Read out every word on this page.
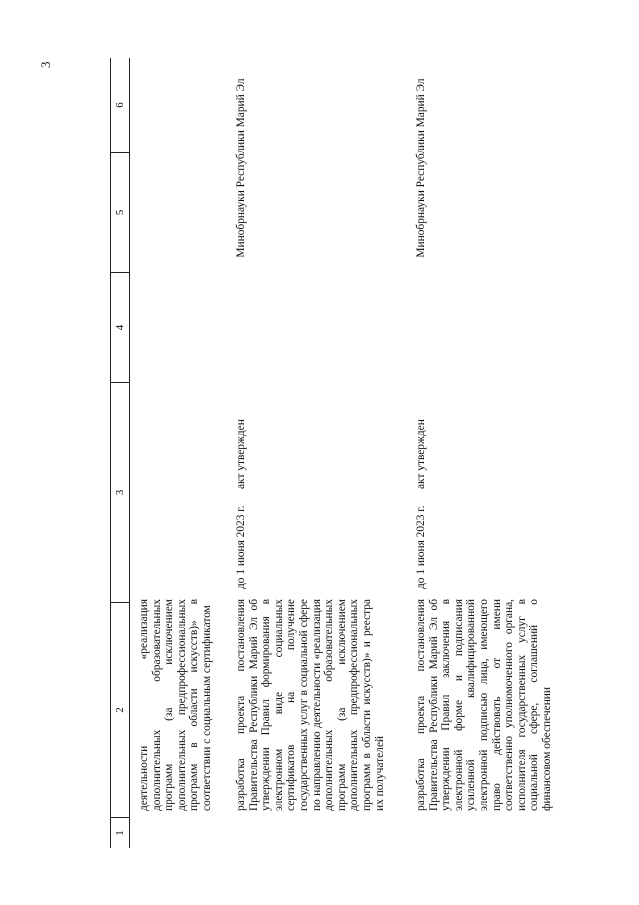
3
1
2
3
4
5
6
деятельности «реализация дополнительных образовательных программ (за исключением дополнительных предпрофессиональных программ в области искусств)» в соответствии с социальным сертификатом разработка проекта постановления Правительства Республики Марий Эл об утверждении Правил формирования в электронном виде социальных сертификатов на получение государственных услуг в социальной сфере по направлению деятельности «реализация дополнительных образовательных программ (за исключением дополнительных предпрофессиональных программ в области искусств)» и реестра их получателей
до 1 июня 2023 г.
акт утвержден
Минобрнауки Республики Марий Эл
разработка проекта постановления Правительства Республики Марий Эл об утверждении Правил заключения в электронной форме и подписания усиленной квалифицированной электронной подписью лица, имеющего право действовать от имени соответственно уполномоченного органа, исполнителя государственных услуг в социальной сфере, соглашений о финансовом обеспечении
до 1 июня 2023 г.
акт утвержден
Минобрнауки Республики Марий Эл
